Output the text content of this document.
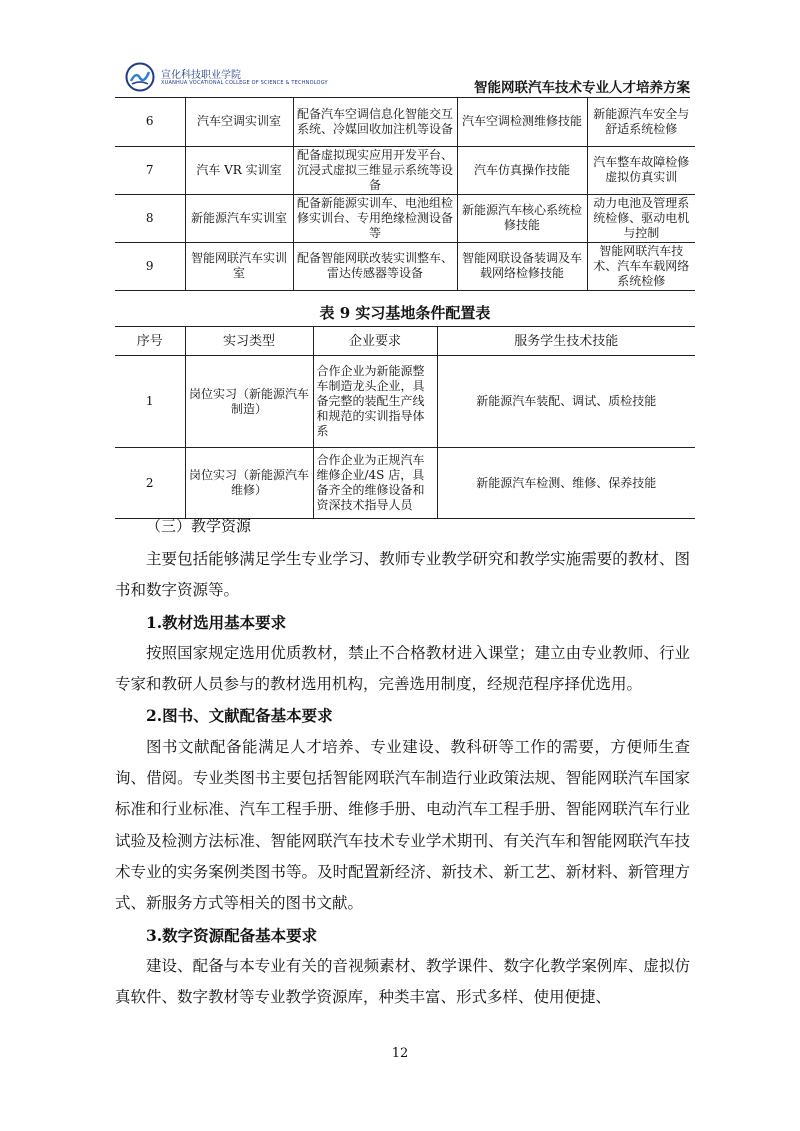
宣化科技职业学院
XUANHUA VOCATIONAL COLLEGE OF SCIENCE & TECHNOLOGY	智能网联汽车技术专业人才培养方案
6	汽车空调实训室	配备汽车空调信息化智能交互系统、冷媒回收加注机等设备	汽车空调检测维修技能	新能源汽车安全与舒适系统检修
7	汽车 VR 实训室	配备虚拟现实应用开发平台、沉浸式虚拟三维显示系统等设备	汽车仿真操作技能	汽车整车故障检修虚拟仿真实训
8	新能源汽车实训室	配备新能源实训车、电池组检修实训台、专用绝缘检测设备等	新能源汽车核心系统检修技能	动力电池及管理系统检修、驱动电机与控制
9	智能网联汽车实训室	配备智能网联改装实训整车、雷达传感器等设备	智能网联设备装调及车载网络检修技能	智能网联汽车技术、汽车车载网络系统检修
表 9 实习基地条件配置表
序号	实习类型	企业要求	服务学生技术技能
1	岗位实习（新能源汽车制造）	合作企业为新能源整车制造龙头企业，具备完整的装配生产线和规范的实训指导体系	新能源汽车装配、调试、质检技能
2	岗位实习（新能源汽车维修）	合作企业为正规汽车维修企业/4S 店，具备齐全的维修设备和资深技术指导人员	新能源汽车检测、维修、保养技能
（三）教学资源

主要包括能够满足学生专业学习、教师专业教学研究和教学实施需要的教材、图书和数字资源等。

1.教材选用基本要求

按照国家规定选用优质教材，禁止不合格教材进入课堂；建立由专业教师、行业专家和教研人员参与的教材选用机构，完善选用制度，经规范程序择优选用。

2.图书、文献配备基本要求

图书文献配备能满足人才培养、专业建设、教科研等工作的需要，方便师生查询、借阅。专业类图书主要包括智能网联汽车制造行业政策法规、智能网联汽车国家标准和行业标准、汽车工程手册、维修手册、电动汽车工程手册、智能网联汽车行业试验及检测方法标准、智能网联汽车技术专业学术期刊、有关汽车和智能网联汽车技术专业的实务案例类图书等。及时配置新经济、新技术、新工艺、新材料、新管理方式、新服务方式等相关的图书文献。

3.数字资源配备基本要求

建设、配备与本专业有关的音视频素材、教学课件、数字化教学案例库、虚拟仿真软件、数字教材等专业教学资源库，种类丰富、形式多样、使用便捷、

12
